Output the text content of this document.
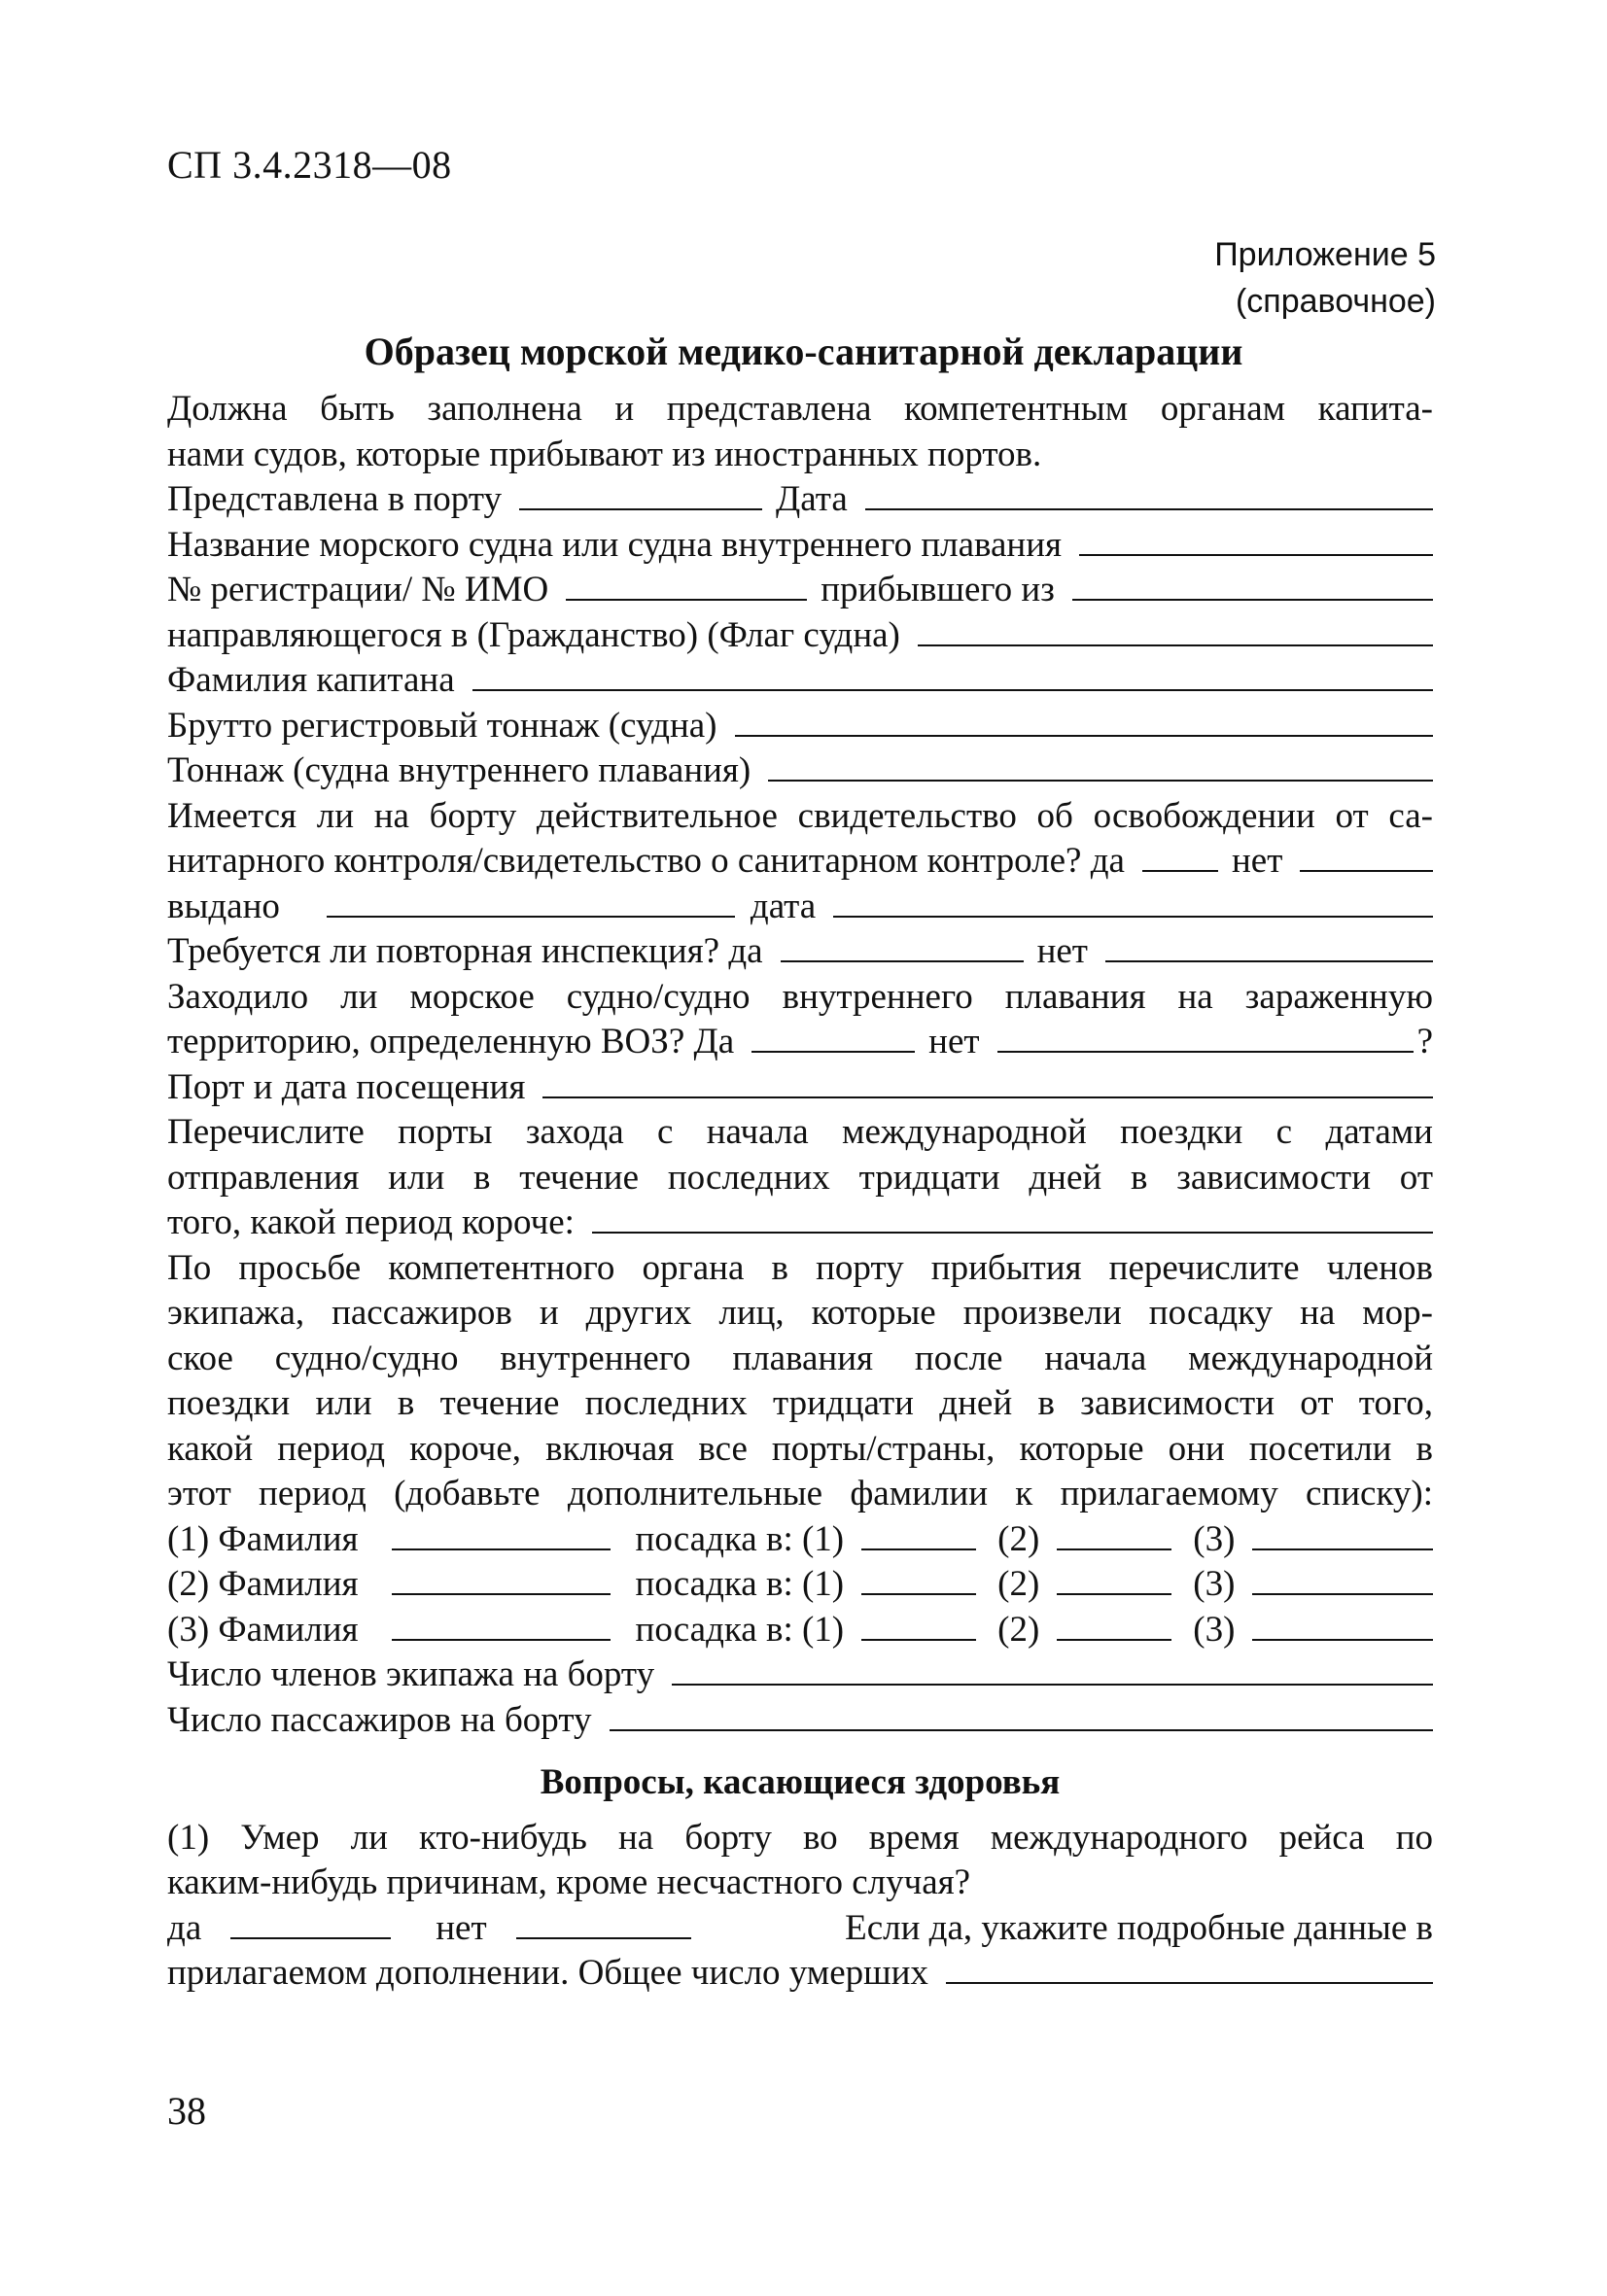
СП 3.4.2318—08
Приложение 5
(справочное)
Образец морской медико-санитарной декларации

Должна быть заполнена и представлена компетентным органам капита-

нами судов, которые прибывают из иностранных портов.

Представлена в порту	Дата
Название морского судна или судна внутреннего плавания
№ регистрации/ № ИМО	прибывшего из
направляющегося в (Гражданство) (Флаг судна)
Фамилия капитана
Брутто регистровый тоннаж (судна)
Тоннаж (судна внутреннего плавания)

Имеется ли на борту действительное свидетельство об освобождении от са-

нитарного контроля/свидетельство о санитарном контроле? да	нет
выдано	дата
Требуется ли повторная инспекция? да	нет

Заходило ли морское судно/судно внутреннего плавания на зараженную

территорию, определенную ВОЗ? Да	нет	?
Порт и дата посещения

Перечислите порты захода с начала международной поездки с датами

отправления или в течение последних тридцати дней в зависимости от

того, какой период короче:

По просьбе компетентного органа в порту прибытия перечислите членов

экипажа, пассажиров и других лиц, которые произвели посадку на мор-

ское судно/судно внутреннего плавания после начала международной

поездки или в течение последних тридцати дней в зависимости от того,

какой период короче, включая все порты/страны, которые они посетили в

этот период (добавьте дополнительные фамилии к прилагаемому списку):

(1) Фамилия	посадка в: (1)	(2)	(3)
(2) Фамилия	посадка в: (1)	(2)	(3)
(3) Фамилия	посадка в: (1)	(2)	(3)
Число членов экипажа на борту
Число пассажиров на борту
Вопросы, касающиеся здоровья

(1) Умер ли кто-нибудь на борту во время международного рейса по

каким-нибудь причинам, кроме несчастного случая?

да	нет	Если да, укажите подробные данные в
прилагаемом дополнении. Общее число умерших
38
